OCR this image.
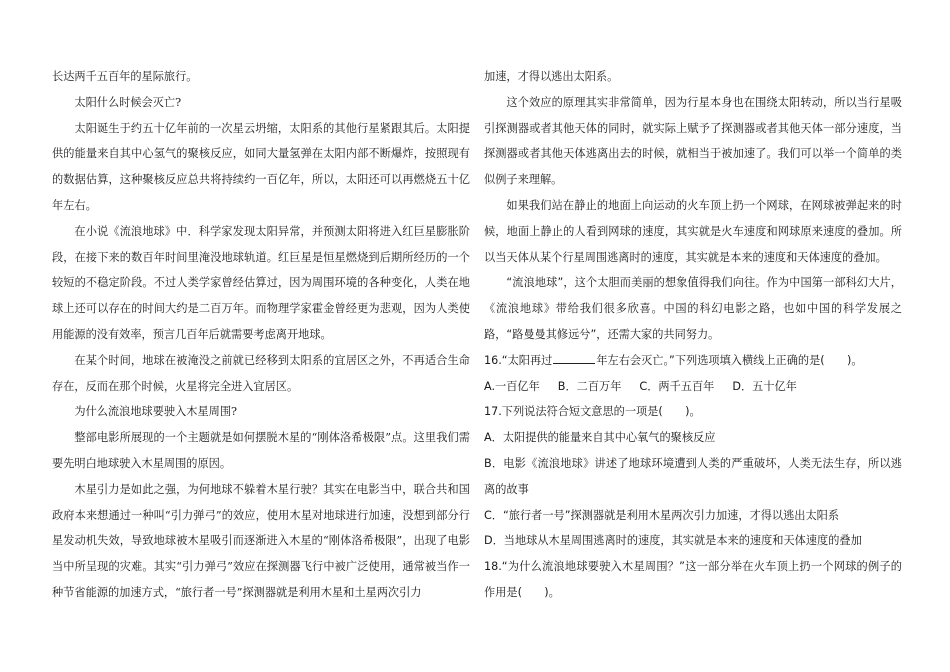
长达两千五百年的星际旅行。

太阳什么时候会灭亡?

太阳诞生于约五十亿年前的一次星云坍缩，太阳系的其他行星紧跟其后。太阳提供的能量来自其中心氢气的聚核反应，如同大量氢弹在太阳内部不断爆炸，按照现有的数据估算，这种聚核反应总共将持续约一百亿年，所以，太阳还可以再燃烧五十亿年左右。

在小说《流浪地球》中．科学家发现太阳异常，并预测太阳将进入红巨星膨胀阶段，在接下来的数百年时间里淹没地球轨道。红巨星是恒星燃烧到后期所经历的一个较短的不稳定阶段。不过人类学家曾经估算过，因为周围环境的各种变化，人类在地球上还可以存在的时间大约是二百万年。而物理学家霍金曾经更为悲观，因为人类使用能源的没有效率，预言几百年后就需要考虑离开地球。

在某个时间，地球在被淹没之前就已经移到太阳系的宜居区之外，不再适合生命存在，反而在那个时候，火星将完全进入宜居区。

为什么流浪地球要驶入木星周围?

整部电影所展现的一个主题就是如何摆脱木星的“刚体洛希极限”点。这里我们需要先明白地球驶入木星周围的原因。

木星引力是如此之强，为何地球不躲着木星行驶？其实在电影当中，联合共和国政府本来想通过一种叫“引力弹弓”的效应，使用木星对地球进行加速，没想到部分行星发动机失效，导致地球被木星吸引而逐渐进入木星的“刚体洛希极限”，出现了电影当中所呈现的灾难。其实“引力弹弓”效应在探测器飞行中被广泛使用，通常被当作一种节省能源的加速方式，“旅行者一号”探测器就是利用木星和土星两次引力

加速，才得以逃出太阳系。

这个效应的原理其实非常简单，因为行星本身也在围绕太阳转动，所以当行星吸引探测器或者其他天体的同时，就实际上赋予了探测器或者其他天体一部分速度，当探测器或者其他天体逃离出去的时候，就相当于被加速了。我们可以举一个简单的类似例子来理解。

如果我们站在静止的地面上向运动的火车顶上扔一个网球，在网球被弹起来的时候，地面上静止的人看到网球的速度，其实就是火车速度和网球原来速度的叠加。所以当天体从某个行星周围逃离时的速度，其实就是本来的速度和天体速度的叠加。

“流浪地球”，这个太胆而美丽的想象值得我们向往。作为中国第一部科幻大片，《流浪地球》带给我们很多欣喜。中国的科幻电影之路，也如中国的科学发展之路，“路曼曼其修远兮”，还需大家的共同努力。

16.“太阳再过	年左右会灭亡。”下列选项填入横线上正确的是(　　)。

A.一百亿年 B．二百万年 C．两千五百年 D．五十亿年

17.下列说法符合短文意思的一项是(　　)。

A．太阳提供的能量来自其中心氧气的聚核反应

B．电影《流浪地球》讲述了地球环境遭到人类的严重破坏，人类无法生存，所以逃离的故事

C．“旅行者一号”探测器就是利用木星两次引力加速，才得以逃出太阳系

D．当地球从木星周围逃离时的速度，其实就是本来的速度和天体速度的叠加

18.“为什么流浪地球要驶入木星周围？”这一部分举在火车顶上扔一个网球的例子的作用是(　　)。
